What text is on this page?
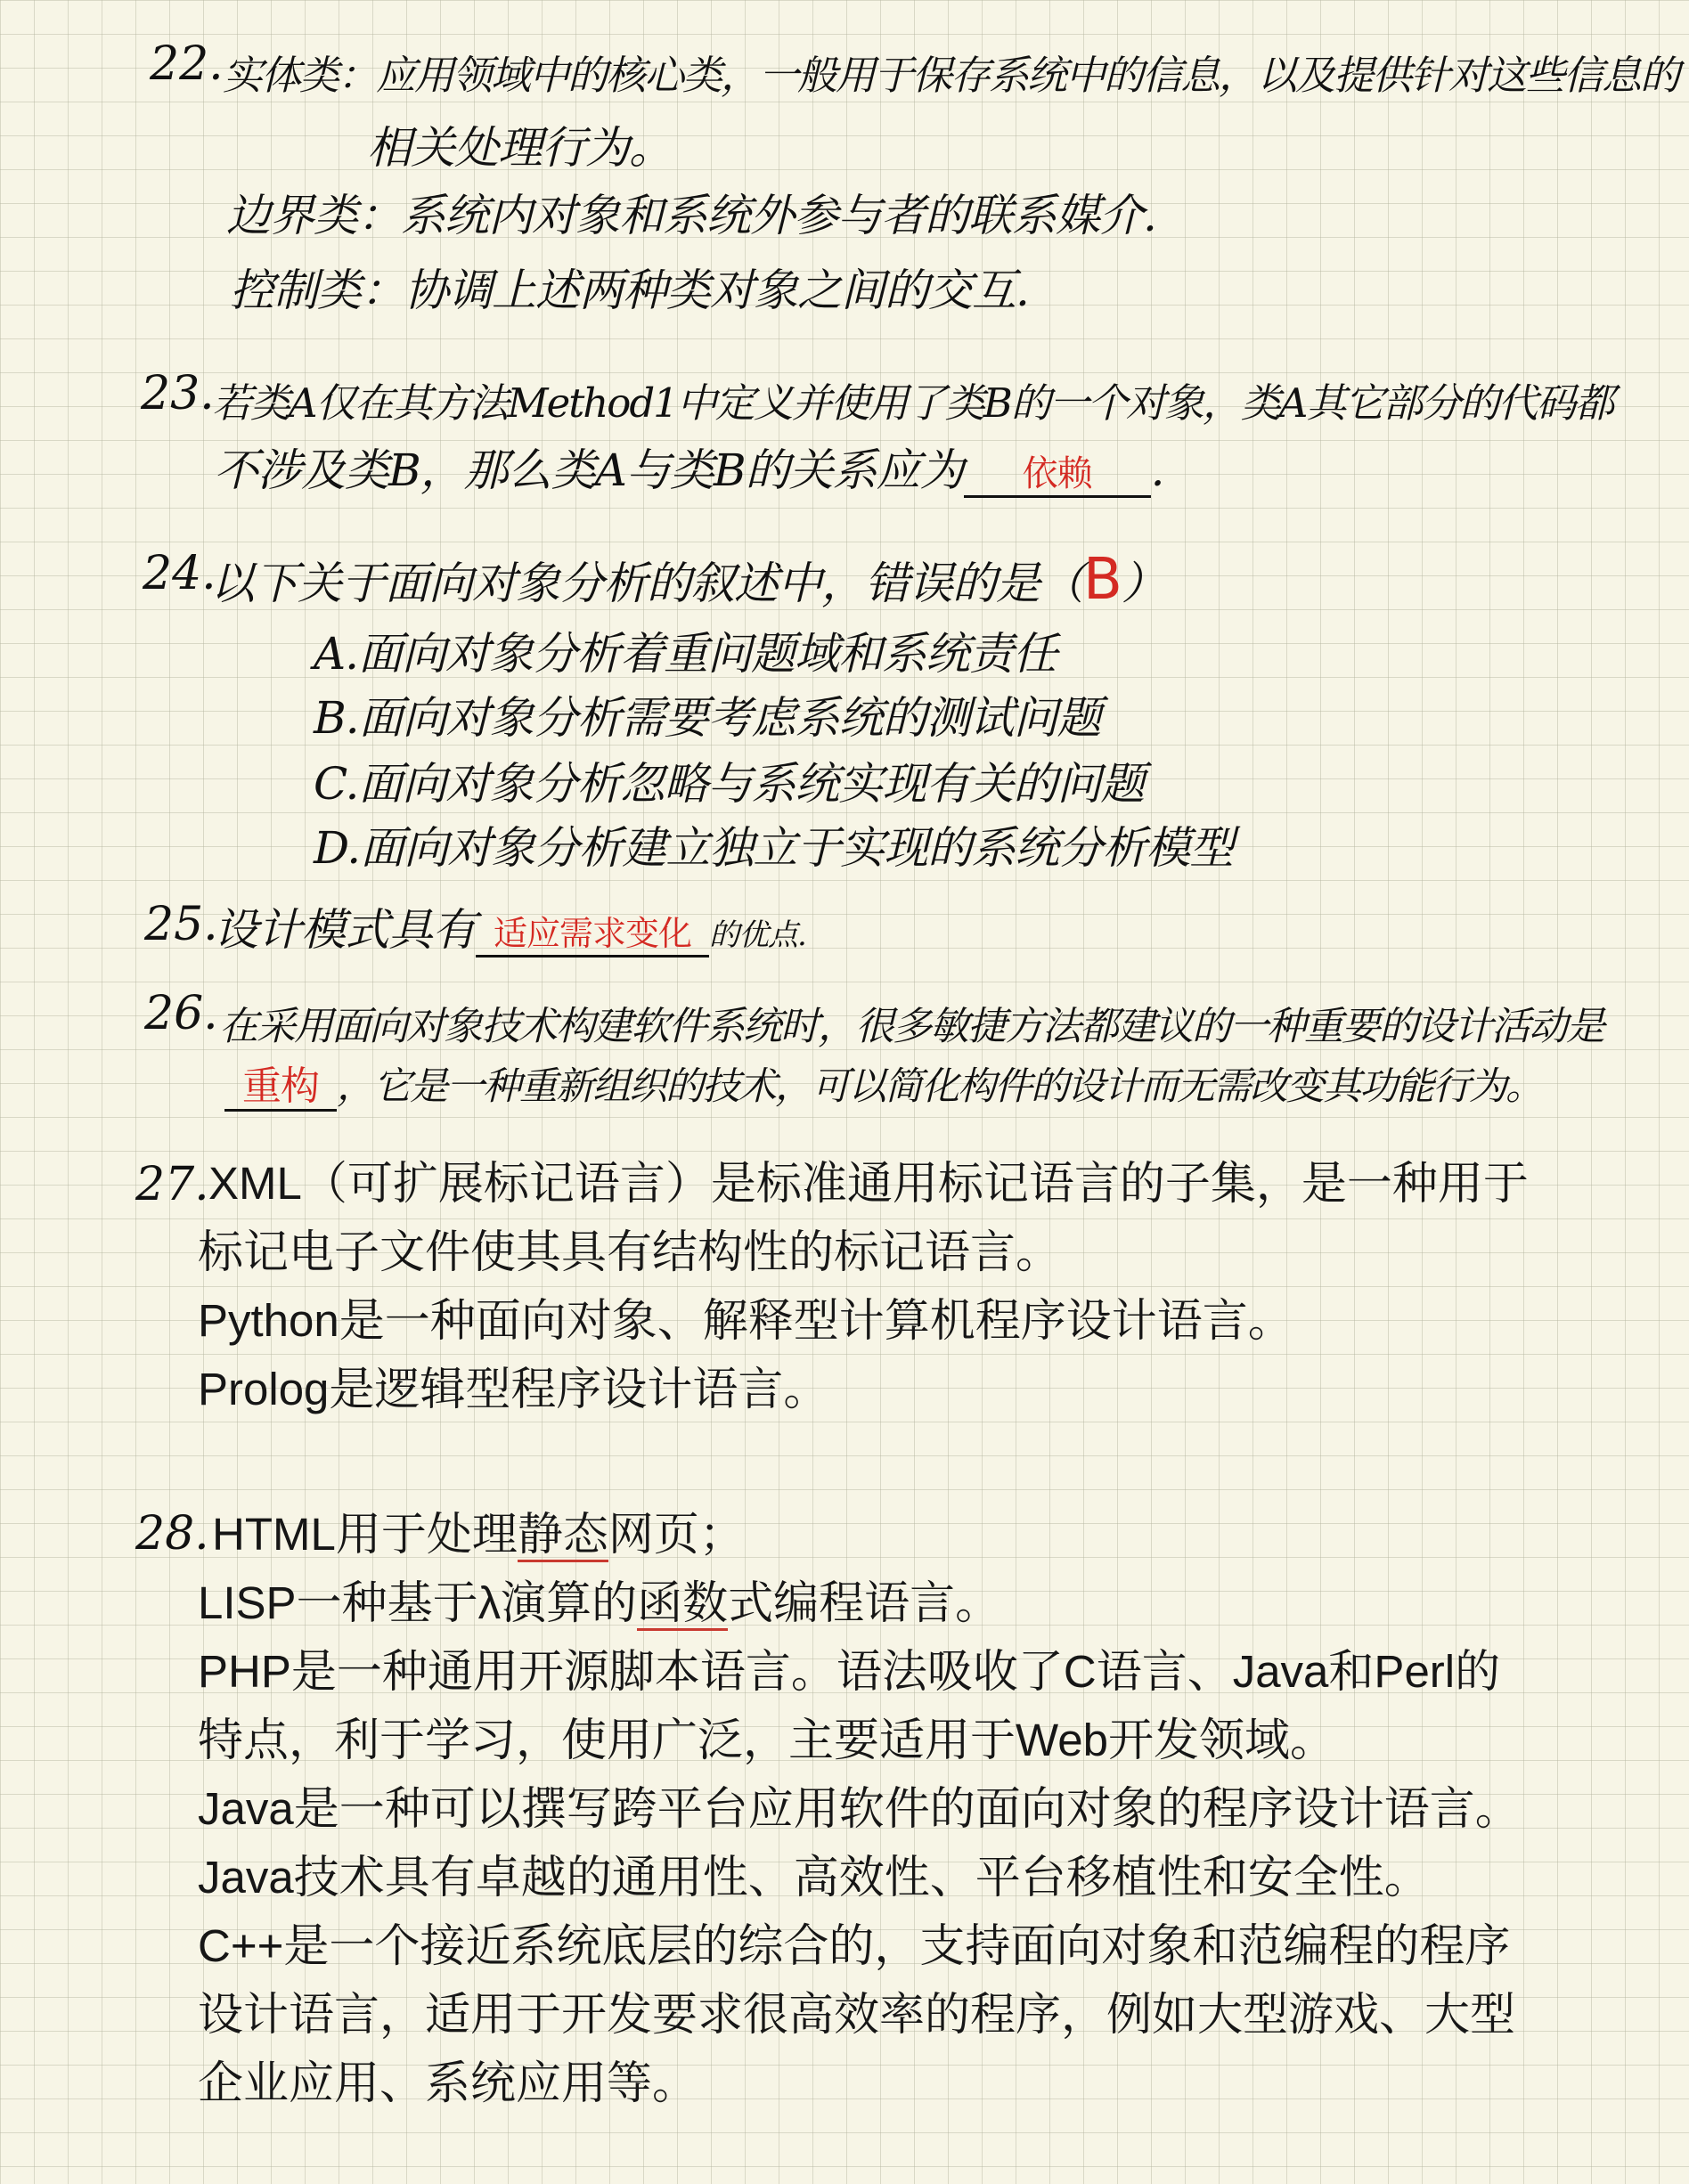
22. 实体类：应用领域中的核心类，一般用于保存系统中的信息，以及提供针对这些信息的
相关处理行为。
边界类：系统内对象和系统外参与者的联系媒介.
控制类：协调上述两种类对象之间的交互.
23.
若类A仅在其方法Method1中定义并使用了类B的一个对象，类A其它部分的代码都
不涉及类B，那么类A与类B的关系应为 依赖 .
24.
以下关于面向对象分析的叙述中，错误的是（B）
A.面向对象分析着重问题域和系统责任
B.面向对象分析需要考虑系统的测试问题
C.面向对象分析忽略与系统实现有关的问题
D.面向对象分析建立独立于实现的系统分析模型
25.
设计模式具有 适应需求变化 的优点.
26. 在采用面向对象技术构建软件系统时，很多敏捷方法都建议的一种重要的设计活动是
重构 ，它是一种重新组织的技术，可以简化构件的设计而无需改变其功能行为。
27. XML（可扩展标记语言）是标准通用标记语言的子集，是一种用于
标记电子文件使其具有结构性的标记语言。
Python是一种面向对象、解释型计算机程序设计语言。
Prolog是逻辑型程序设计语言。
28. HTML用于处理静态网页；
LISP一种基于λ演算的函数式编程语言。
PHP是一种通用开源脚本语言。语法吸收了C语言、Java和Perl的
特点，利于学习，使用广泛，主要适用于Web开发领域。
Java是一种可以撰写跨平台应用软件的面向对象的程序设计语言。
Java技术具有卓越的通用性、高效性、平台移植性和安全性。
C++是一个接近系统底层的综合的，支持面向对象和范编程的程序
设计语言，适用于开发要求很高效率的程序，例如大型游戏、大型
企业应用、系统应用等。
